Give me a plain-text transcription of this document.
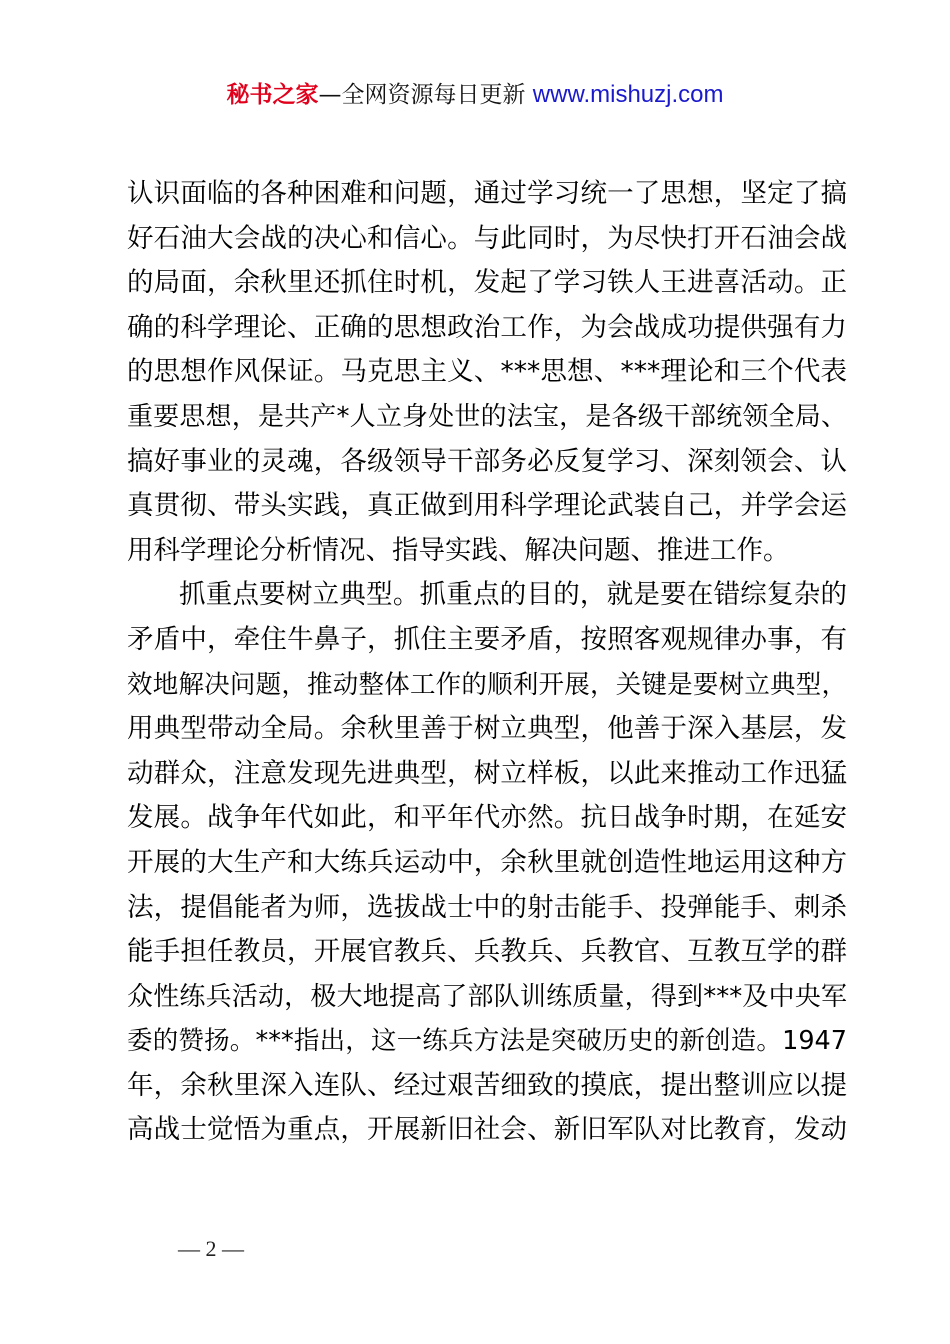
秘书之家—全网资源每日更新 www.mishuzj.com
认识面临的各种困难和问题，通过学习统一了思想，坚定了搞
好石油大会战的决心和信心。与此同时，为尽快打开石油会战
的局面，余秋里还抓住时机，发起了学习铁人王进喜活动。正
确的科学理论、正确的思想政治工作，为会战成功提供强有力
的思想作风保证。马克思主义、***思想、***理论和三个代表
重要思想，是共产*人立身处世的法宝，是各级干部统领全局、
搞好事业的灵魂，各级领导干部务必反复学习、深刻领会、认
真贯彻、带头实践，真正做到用科学理论武装自己，并学会运
用科学理论分析情况、指导实践、解决问题、推进工作。
抓重点要树立典型。抓重点的目的，就是要在错综复杂的
矛盾中，牵住牛鼻子，抓住主要矛盾，按照客观规律办事，有
效地解决问题，推动整体工作的顺利开展，关键是要树立典型，
用典型带动全局。余秋里善于树立典型，他善于深入基层，发
动群众，注意发现先进典型，树立样板，以此来推动工作迅猛
发展。战争年代如此，和平年代亦然。抗日战争时期，在延安
开展的大生产和大练兵运动中，余秋里就创造性地运用这种方
法，提倡能者为师，选拔战士中的射击能手、投弹能手、刺杀
能手担任教员，开展官教兵、兵教兵、兵教官、互教互学的群
众性练兵活动，极大地提高了部队训练质量，得到***及中央军
委的赞扬。***指出，这一练兵方法是突破历史的新创造。1947
年，余秋里深入连队、经过艰苦细致的摸底，提出整训应以提
高战士觉悟为重点，开展新旧社会、新旧军队对比教育，发动
— 2 —
